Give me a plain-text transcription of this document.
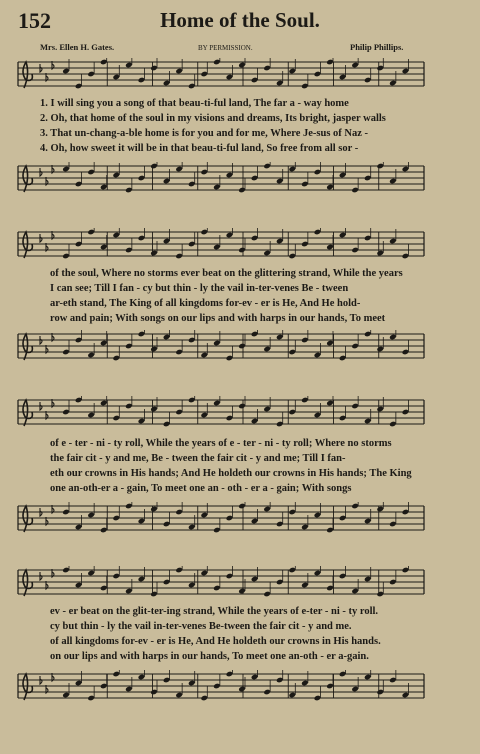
152	Home of the Soul.
Mrs. Ellen H. Gates.	BY PERMISSION.	Philip Phillips.
1. I will sing you a song of that beau-ti-ful land, The far a - way home
2. Oh, that home of the soul in my visions and dreams, Its bright, jasper walls
3. That un-chang-a-ble home is for you and for me, Where Je-sus of Naz -
4. Oh, how sweet it will be in that beau-ti-ful land, So free from all sor -
of the soul, Where no storms ever beat on the glittering strand, While the years
I can see; Till I fan - cy but thin - ly the vail in-ter-venes Be - tween
ar-eth stand, The King of all kingdoms for-ev - er is He, And He hold-
row and pain; With songs on our lips and with harps in our hands, To meet
of e - ter - ni - ty roll, While the years of e - ter - ni - ty roll; Where no storms
the fair cit - y and me, Be - tween the fair cit - y and me; Till I fan-
eth our crowns in His hands; And He holdeth our crowns in His hands; The King
one an-oth-er a - gain, To meet one an - oth - er a - gain; With songs
ev - er beat on the glit-ter-ing strand, While the years of e-ter - ni - ty roll.
cy but thin - ly the vail in-ter-venes Be-tween the fair cit - y and me.
of all kingdoms for-ev - er is He, And He holdeth our crowns in His hands.
on our lips and with harps in our hands, To meet one an-oth - er a-gain.
